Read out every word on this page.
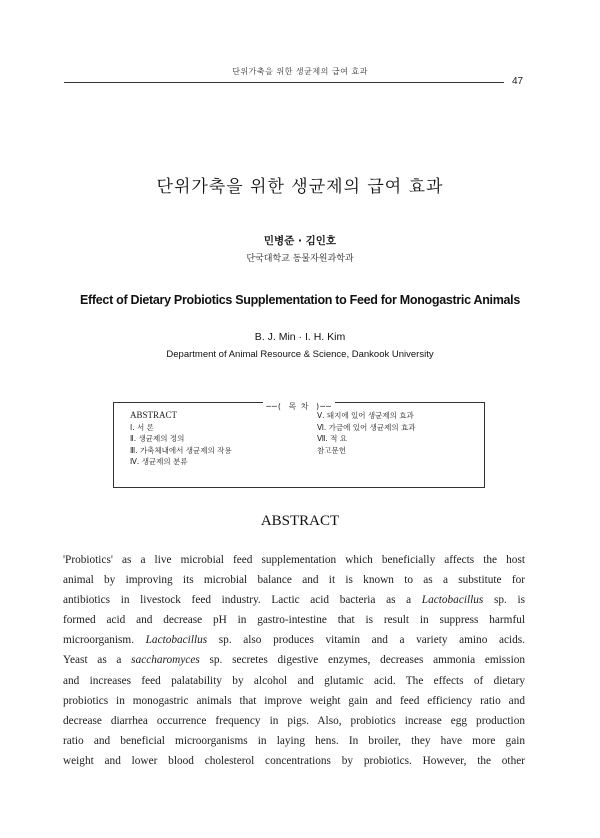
단위가축을 위한 생균제의 급여 효과
47
단위가축을 위한 생균제의 급여 효과
민병준 · 김인호
단국대학교 동물자원과학과
Effect of Dietary Probiotics Supplementation to Feed for Monogastric Animals
B. J. Min · I. H. Kim
Department of Animal Resource & Science, Dankook University
──( 목 차 )──
ABSTRACT
Ⅰ. 서 론
Ⅱ. 생균제의 정의
Ⅲ. 가축체내에서 생균제의 작용
Ⅳ. 생균제의 분류
Ⅴ. 돼지에 있어 생균제의 효과
Ⅵ. 가금에 있어 생균제의 효과
Ⅶ. 적 요
참고문헌
ABSTRACT
'Probiotics' as a live microbial feed supplementation which beneficially affects the host
animal by improving its microbial balance and it is known to as a substitute for
antibiotics in livestock feed industry. Lactic acid bacteria as a Lactobacillus sp. is
formed acid and decrease pH in gastro-intestine that is result in suppress harmful
microorganism. Lactobacillus sp. also produces vitamin and a variety amino acids.
Yeast as a saccharomyces sp. secretes digestive enzymes, decreases ammonia emission
and increases feed palatability by alcohol and glutamic acid. The effects of dietary
probiotics in monogastric animals that improve weight gain and feed efficiency ratio and
decrease diarrhea occurrence frequency in pigs. Also, probiotics increase egg production
ratio and beneficial microorganisms in laying hens. In broiler, they have more gain
weight and lower blood cholesterol concentrations by probiotics. However, the other
